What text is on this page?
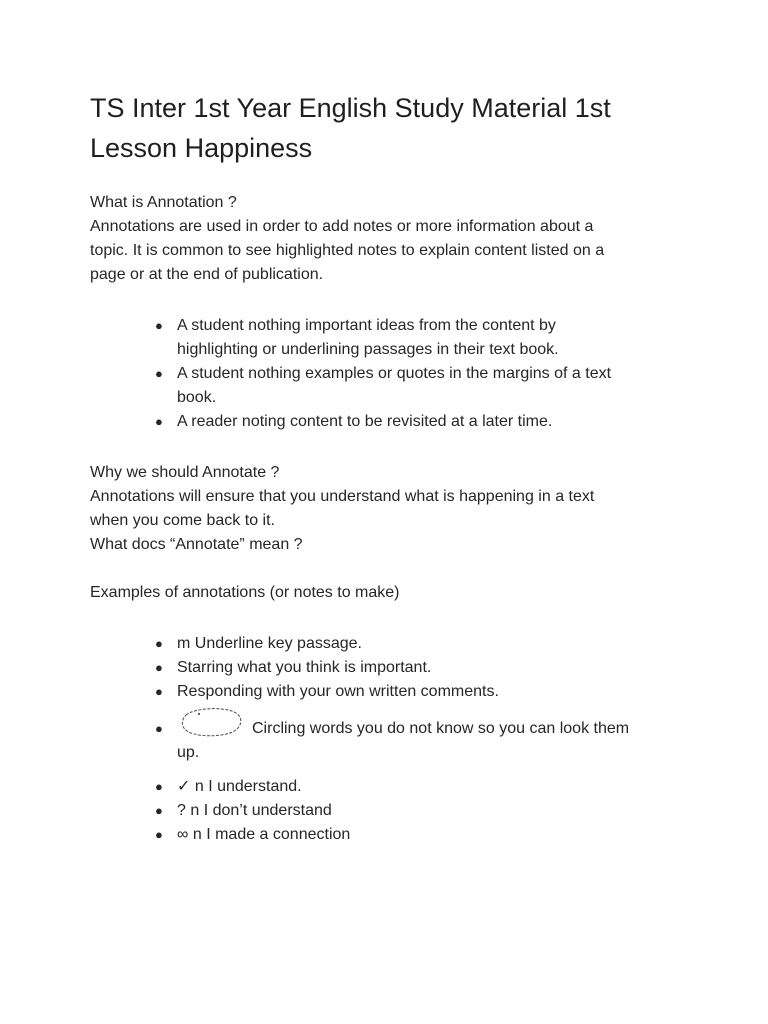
TS Inter 1st Year English Study Material 1st
Lesson Happiness
What is Annotation ?
Annotations are used in order to add notes or more information about a
topic. It is common to see highlighted notes to explain content listed on a
page or at the end of publication.
● A student nothing important ideas from the content by
highlighting or underlining passages in their text book.
● A student nothing examples or quotes in the margins of a text
book.
● A reader noting content to be revisited at a later time.
Why we should Annotate ?
Annotations will ensure that you understand what is happening in a text
when you come back to it.
What docs “Annotate” mean ?
Examples of annotations (or notes to make)
● m Underline key passage.
● Starring what you think is important.
● Responding with your own written comments.
●	Circling words you do not know so you can look them
up.
● ✓ n I understand.
● ? n I don’t understand
● ∞ n I made a connection
